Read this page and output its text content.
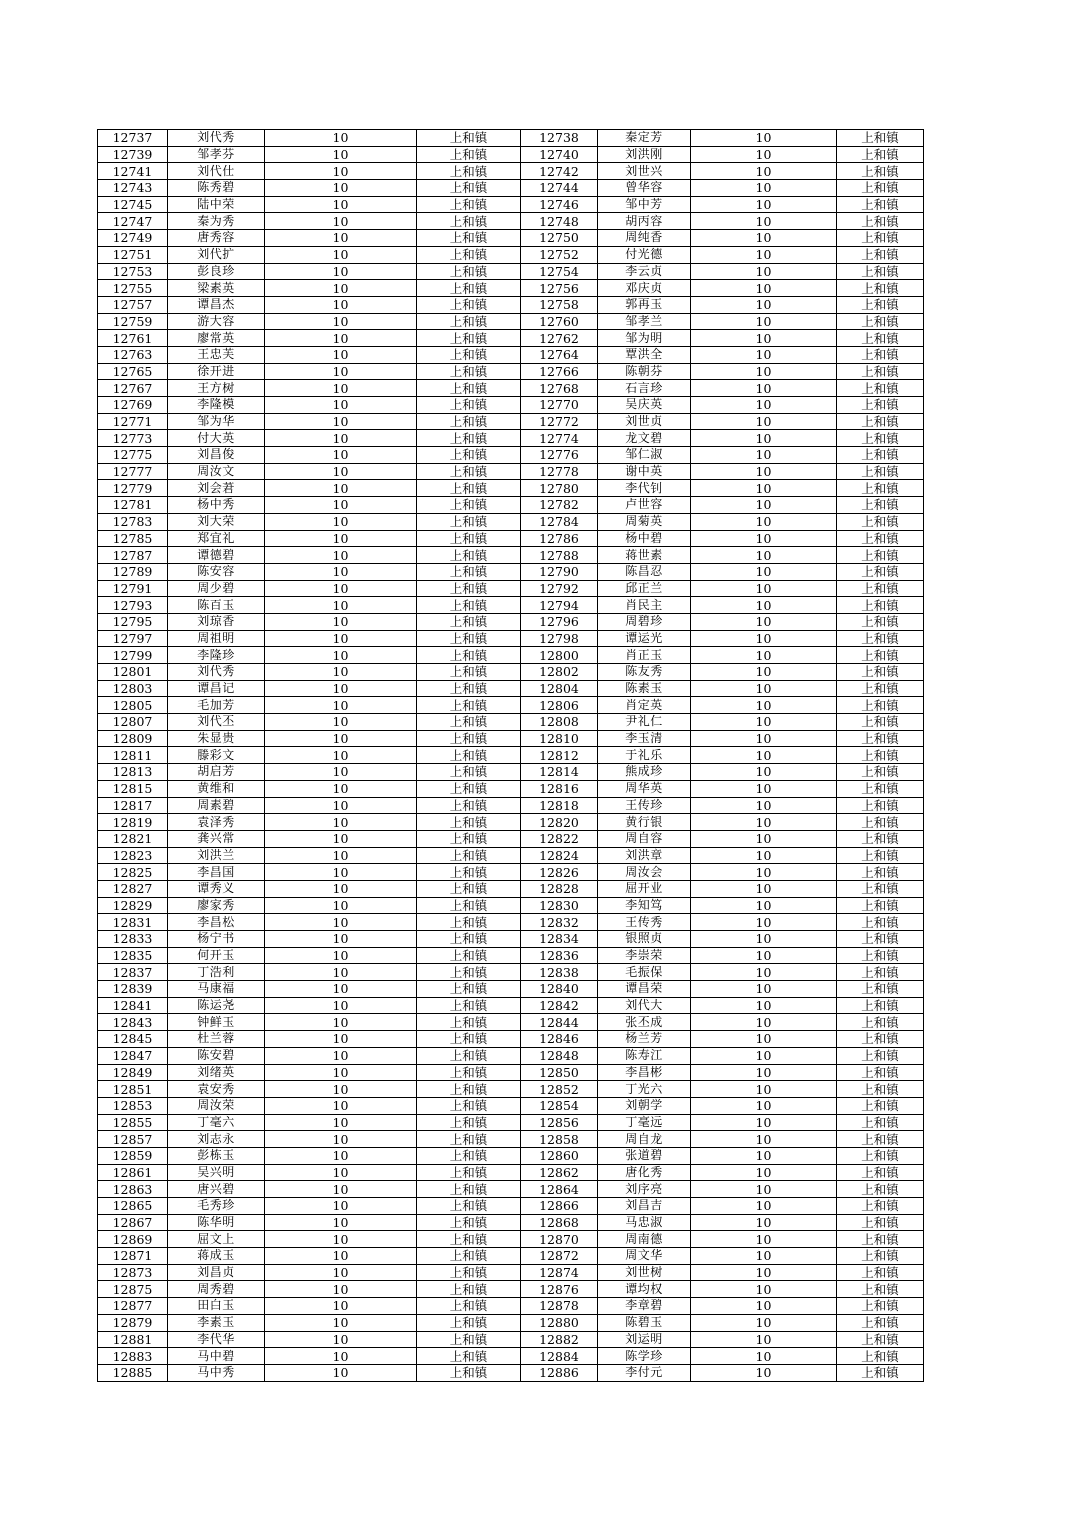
12737	刘代秀	10	上和镇	12738	秦定芳	10	上和镇
12739	邹孝芬	10	上和镇	12740	刘洪刚	10	上和镇
12741	刘代仕	10	上和镇	12742	刘世兴	10	上和镇
12743	陈秀碧	10	上和镇	12744	曾华容	10	上和镇
12745	陆中荣	10	上和镇	12746	邹中芳	10	上和镇
12747	秦为秀	10	上和镇	12748	胡丙容	10	上和镇
12749	唐秀容	10	上和镇	12750	周纯香	10	上和镇
12751	刘代扩	10	上和镇	12752	付光德	10	上和镇
12753	彭良珍	10	上和镇	12754	李云贞	10	上和镇
12755	梁素英	10	上和镇	12756	邓庆贞	10	上和镇
12757	谭昌杰	10	上和镇	12758	郭再玉	10	上和镇
12759	游大容	10	上和镇	12760	邹孝兰	10	上和镇
12761	廖常英	10	上和镇	12762	邹为明	10	上和镇
12763	王忠芙	10	上和镇	12764	覃洪全	10	上和镇
12765	徐开进	10	上和镇	12766	陈朝芬	10	上和镇
12767	王方树	10	上和镇	12768	石言珍	10	上和镇
12769	李隆模	10	上和镇	12770	吴庆英	10	上和镇
12771	邹为华	10	上和镇	12772	刘世贞	10	上和镇
12773	付大英	10	上和镇	12774	龙文碧	10	上和镇
12775	刘昌俊	10	上和镇	12776	邹仁淑	10	上和镇
12777	周汝文	10	上和镇	12778	谢中英	10	上和镇
12779	刘会莙	10	上和镇	12780	李代钊	10	上和镇
12781	杨中秀	10	上和镇	12782	卢世容	10	上和镇
12783	刘大荣	10	上和镇	12784	周菊英	10	上和镇
12785	郑宜礼	10	上和镇	12786	杨中碧	10	上和镇
12787	谭德碧	10	上和镇	12788	蒋世素	10	上和镇
12789	陈安容	10	上和镇	12790	陈昌忍	10	上和镇
12791	周少碧	10	上和镇	12792	邱正兰	10	上和镇
12793	陈百玉	10	上和镇	12794	肖民主	10	上和镇
12795	刘琼香	10	上和镇	12796	周碧珍	10	上和镇
12797	周祖明	10	上和镇	12798	谭运光	10	上和镇
12799	李隆珍	10	上和镇	12800	肖正玉	10	上和镇
12801	刘代秀	10	上和镇	12802	陈友秀	10	上和镇
12803	谭昌记	10	上和镇	12804	陈素玉	10	上和镇
12805	毛加芳	10	上和镇	12806	肖定英	10	上和镇
12807	刘代丕	10	上和镇	12808	尹礼仁	10	上和镇
12809	朱显贵	10	上和镇	12810	李玉清	10	上和镇
12811	滕彩文	10	上和镇	12812	于礼乐	10	上和镇
12813	胡启芳	10	上和镇	12814	熊成珍	10	上和镇
12815	黄维和	10	上和镇	12816	周华英	10	上和镇
12817	周素碧	10	上和镇	12818	王传珍	10	上和镇
12819	袁泽秀	10	上和镇	12820	黄行银	10	上和镇
12821	龚兴常	10	上和镇	12822	周自容	10	上和镇
12823	刘洪兰	10	上和镇	12824	刘洪章	10	上和镇
12825	李昌国	10	上和镇	12826	周汝会	10	上和镇
12827	谭秀义	10	上和镇	12828	屈开业	10	上和镇
12829	廖家秀	10	上和镇	12830	李知笃	10	上和镇
12831	李昌松	10	上和镇	12832	王传秀	10	上和镇
12833	杨宁书	10	上和镇	12834	银照贞	10	上和镇
12835	何开玉	10	上和镇	12836	李崇荣	10	上和镇
12837	丁浩利	10	上和镇	12838	毛振保	10	上和镇
12839	马康福	10	上和镇	12840	谭昌荣	10	上和镇
12841	陈运尧	10	上和镇	12842	刘代大	10	上和镇
12843	钟鲜玉	10	上和镇	12844	张丕成	10	上和镇
12845	杜兰蓉	10	上和镇	12846	杨兰芳	10	上和镇
12847	陈安碧	10	上和镇	12848	陈寿江	10	上和镇
12849	刘绪英	10	上和镇	12850	李昌彬	10	上和镇
12851	袁安秀	10	上和镇	12852	丁光六	10	上和镇
12853	周汝荣	10	上和镇	12854	刘朝学	10	上和镇
12855	丁毫六	10	上和镇	12856	丁毫远	10	上和镇
12857	刘志永	10	上和镇	12858	周自龙	10	上和镇
12859	彭栋玉	10	上和镇	12860	张道碧	10	上和镇
12861	吴兴明	10	上和镇	12862	唐化秀	10	上和镇
12863	唐兴碧	10	上和镇	12864	刘序亮	10	上和镇
12865	毛秀珍	10	上和镇	12866	刘昌吉	10	上和镇
12867	陈华明	10	上和镇	12868	马忠淑	10	上和镇
12869	屈文上	10	上和镇	12870	周南德	10	上和镇
12871	蒋成玉	10	上和镇	12872	周文华	10	上和镇
12873	刘昌贞	10	上和镇	12874	刘世树	10	上和镇
12875	周秀碧	10	上和镇	12876	谭均权	10	上和镇
12877	田白玉	10	上和镇	12878	李章碧	10	上和镇
12879	李素玉	10	上和镇	12880	陈碧玉	10	上和镇
12881	李代华	10	上和镇	12882	刘运明	10	上和镇
12883	马中碧	10	上和镇	12884	陈学珍	10	上和镇
12885	马中秀	10	上和镇	12886	李付元	10	上和镇
